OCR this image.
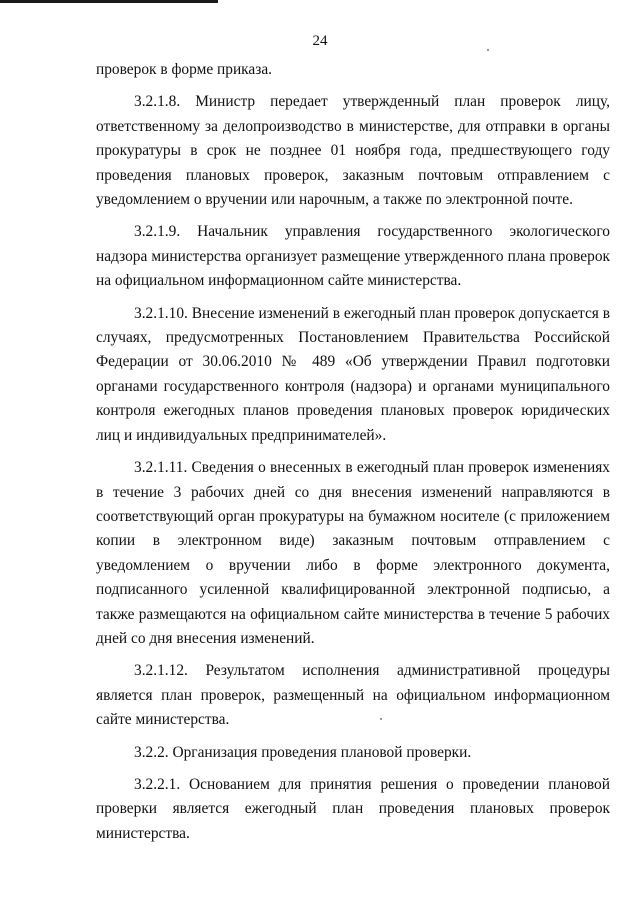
24

проверок в форме приказа.

3.2.1.8. Министр передает утвержденный план проверок лицу, ответственному за делопроизводство в министерстве, для отправки в органы прокуратуры в срок не позднее 01 ноября года, предшествующего году проведения плановых проверок, заказным почтовым отправлением с уведомлением о вручении или нарочным, а также по электронной почте.

3.2.1.9. Начальник управления государственного экологического надзора министерства организует размещение утвержденного плана проверок на официальном информационном сайте министерства.

3.2.1.10. Внесение изменений в ежегодный план проверок допускается в случаях, предусмотренных Постановлением Правительства Российской Федерации от 30.06.2010 № 489 «Об утверждении Правил подготовки органами государственного контроля (надзора) и органами муниципального контроля ежегодных планов проведения плановых проверок юридических лиц и индивидуальных предпринимателей».

3.2.1.11. Сведения о внесенных в ежегодный план проверок изменениях в течение 3 рабочих дней со дня внесения изменений направляются в соответствующий орган прокуратуры на бумажном носителе (с приложением копии в электронном виде) заказным почтовым отправлением с уведомлением о вручении либо в форме электронного документа, подписанного усиленной квалифицированной электронной подписью, а также размещаются на официальном сайте министерства в течение 5 рабочих дней со дня внесения изменений.

3.2.1.12. Результатом исполнения административной процедуры является план проверок, размещенный на официальном информационном сайте министерства.

3.2.2. Организация проведения плановой проверки.

3.2.2.1. Основанием для принятия решения о проведении плановой проверки является ежегодный план проведения плановых проверок министерства.
